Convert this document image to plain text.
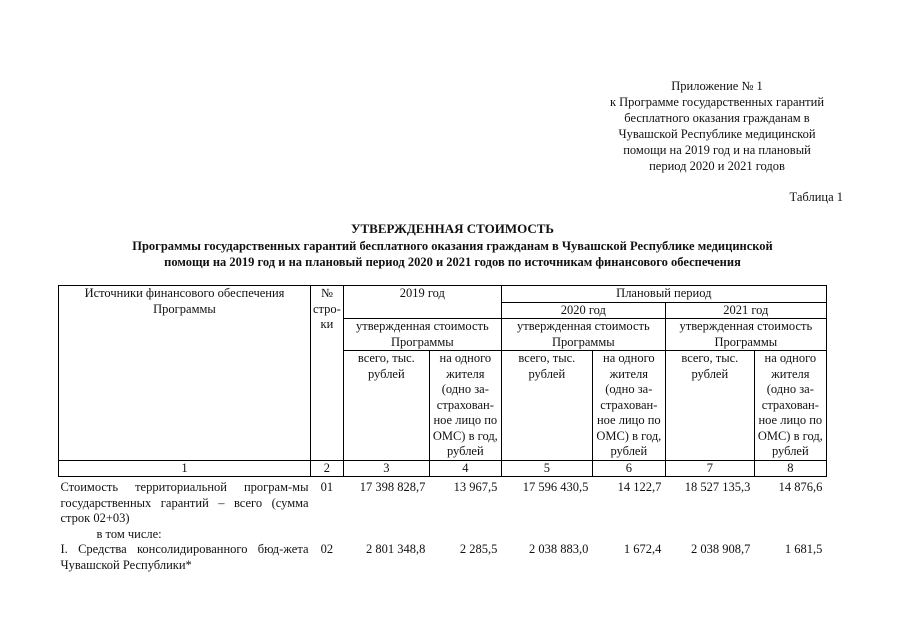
Приложение № 1
к Программе государственных гарантий
бесплатного оказания гражданам в
Чувашской Республике медицинской
помощи на 2019 год и на плановый
период 2020 и 2021 годов
Таблица 1
УТВЕРЖДЕННАЯ СТОИМОСТЬ
Программы государственных гарантий бесплатного оказания гражданам в Чувашской Республике медицинской
помощи на 2019 год и на плановый период 2020 и 2021 годов по источникам финансового обеспечения
Источники финансового обеспечения Программы	№ стро-ки	2019 год		Плановый период			
				2020 год		2021 год	
		утвержденная стоимость Программы		утвержденная стоимость Программы		утвержденная стоимость Программы	
		всего, тыс. рублей	на одного жителя (одно за-страхован-ное лицо по ОМС) в год, рублей	всего, тыс. рублей	на одного жителя (одно за-страхован-ное лицо по ОМС) в год, рублей	всего, тыс. рублей	на одного жителя (одно за-страхован-ное лицо по ОМС) в год, рублей
1	2	3	4	5	6	7	8
Стоимость территориальной програм-мы государственных гарантий – всего (сумма строк 02+03)	01	17 398 828,7	13 967,5	17 596 430,5	14 122,7	18 527 135,3	14 876,6
в том числе:							
I. Средства консолидированного бюд-жета Чувашской Республики*	02	2 801 348,8	2 285,5	2 038 883,0	1 672,4	2 038 908,7	1 681,5
